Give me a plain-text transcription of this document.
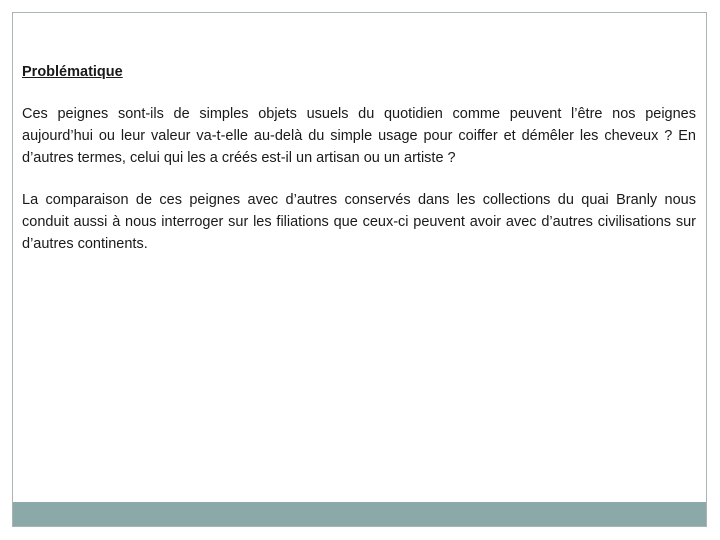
Problématique

Ces peignes sont-ils de simples objets usuels du quotidien comme peuvent l’être nos peignes aujourd’hui ou leur valeur va-t-elle au-delà du simple usage pour coiffer et démêler les cheveux ? En d’autres termes, celui qui les a créés est-il un artisan ou un artiste ?

La comparaison de ces peignes avec d’autres conservés dans les collections du quai Branly nous conduit aussi à nous interroger sur les filiations que ceux-ci peuvent avoir avec d’autres civilisations sur d’autres continents.
